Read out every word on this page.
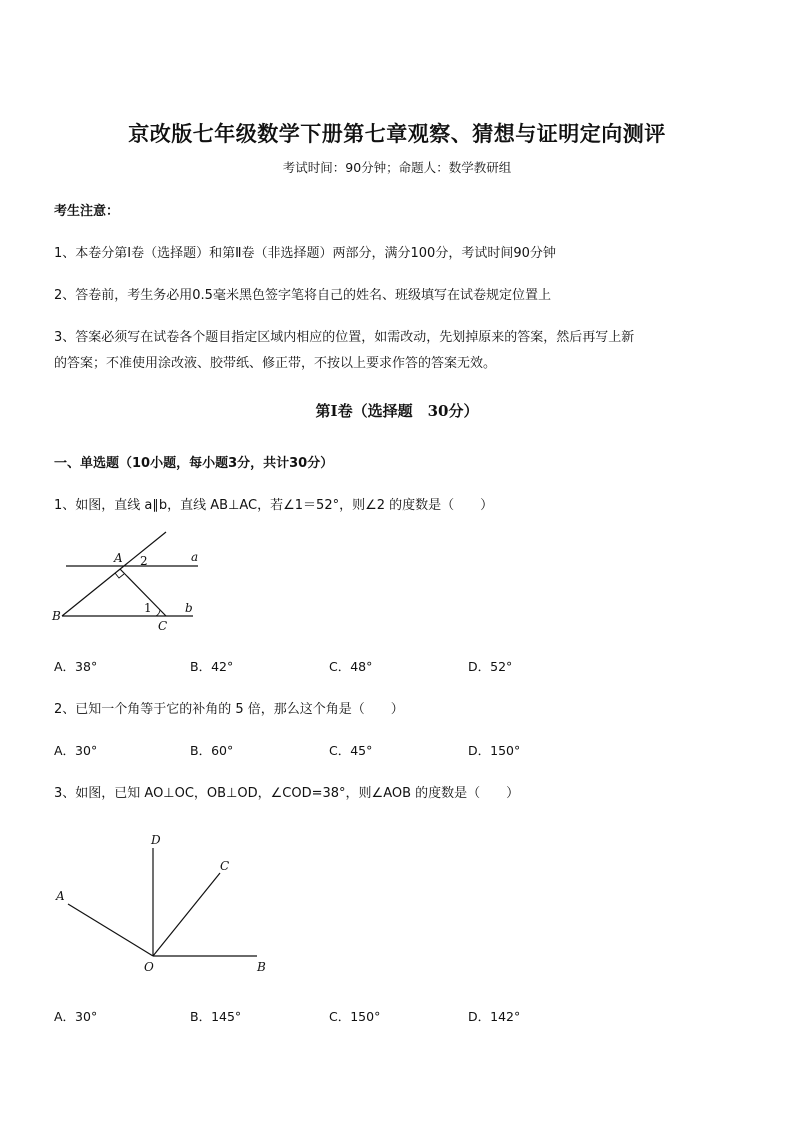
京改版七年级数学下册第七章观察、猜想与证明定向测评
考试时间：90分钟；命题人：数学教研组
考生注意：
1、本卷分第Ⅰ卷（选择题）和第Ⅱ卷（非选择题）两部分，满分100分，考试时间90分钟
2、答卷前，考生务必用0.5毫米黑色签字笔将自己的姓名、班级填写在试卷规定位置上
3、答案必须写在试卷各个题目指定区域内相应的位置，如需改动，先划掉原来的答案，然后再写上新
的答案；不准使用涂改液、胶带纸、修正带，不按以上要求作答的答案无效。
第Ⅰ卷（选择题　30分）
一、单选题（10小题，每小题3分，共计30分）
1、如图，直线 a∥b，直线 AB⊥AC，若∠1＝52°，则∠2 的度数是（　　）
A 2	a
B
1	b
C
A．38°	B．42°	C．48°	D．52°
2、已知一个角等于它的补角的 5 倍，那么这个角是（　　）
A．30°	B．60°	C．45°	D．150°
3、如图，已知 AO⊥OC，OB⊥OD，∠COD=38°，则∠AOB 的度数是（　　）
D
C
A
O	B
A．30°	B．145°	C．150°	D．142°
